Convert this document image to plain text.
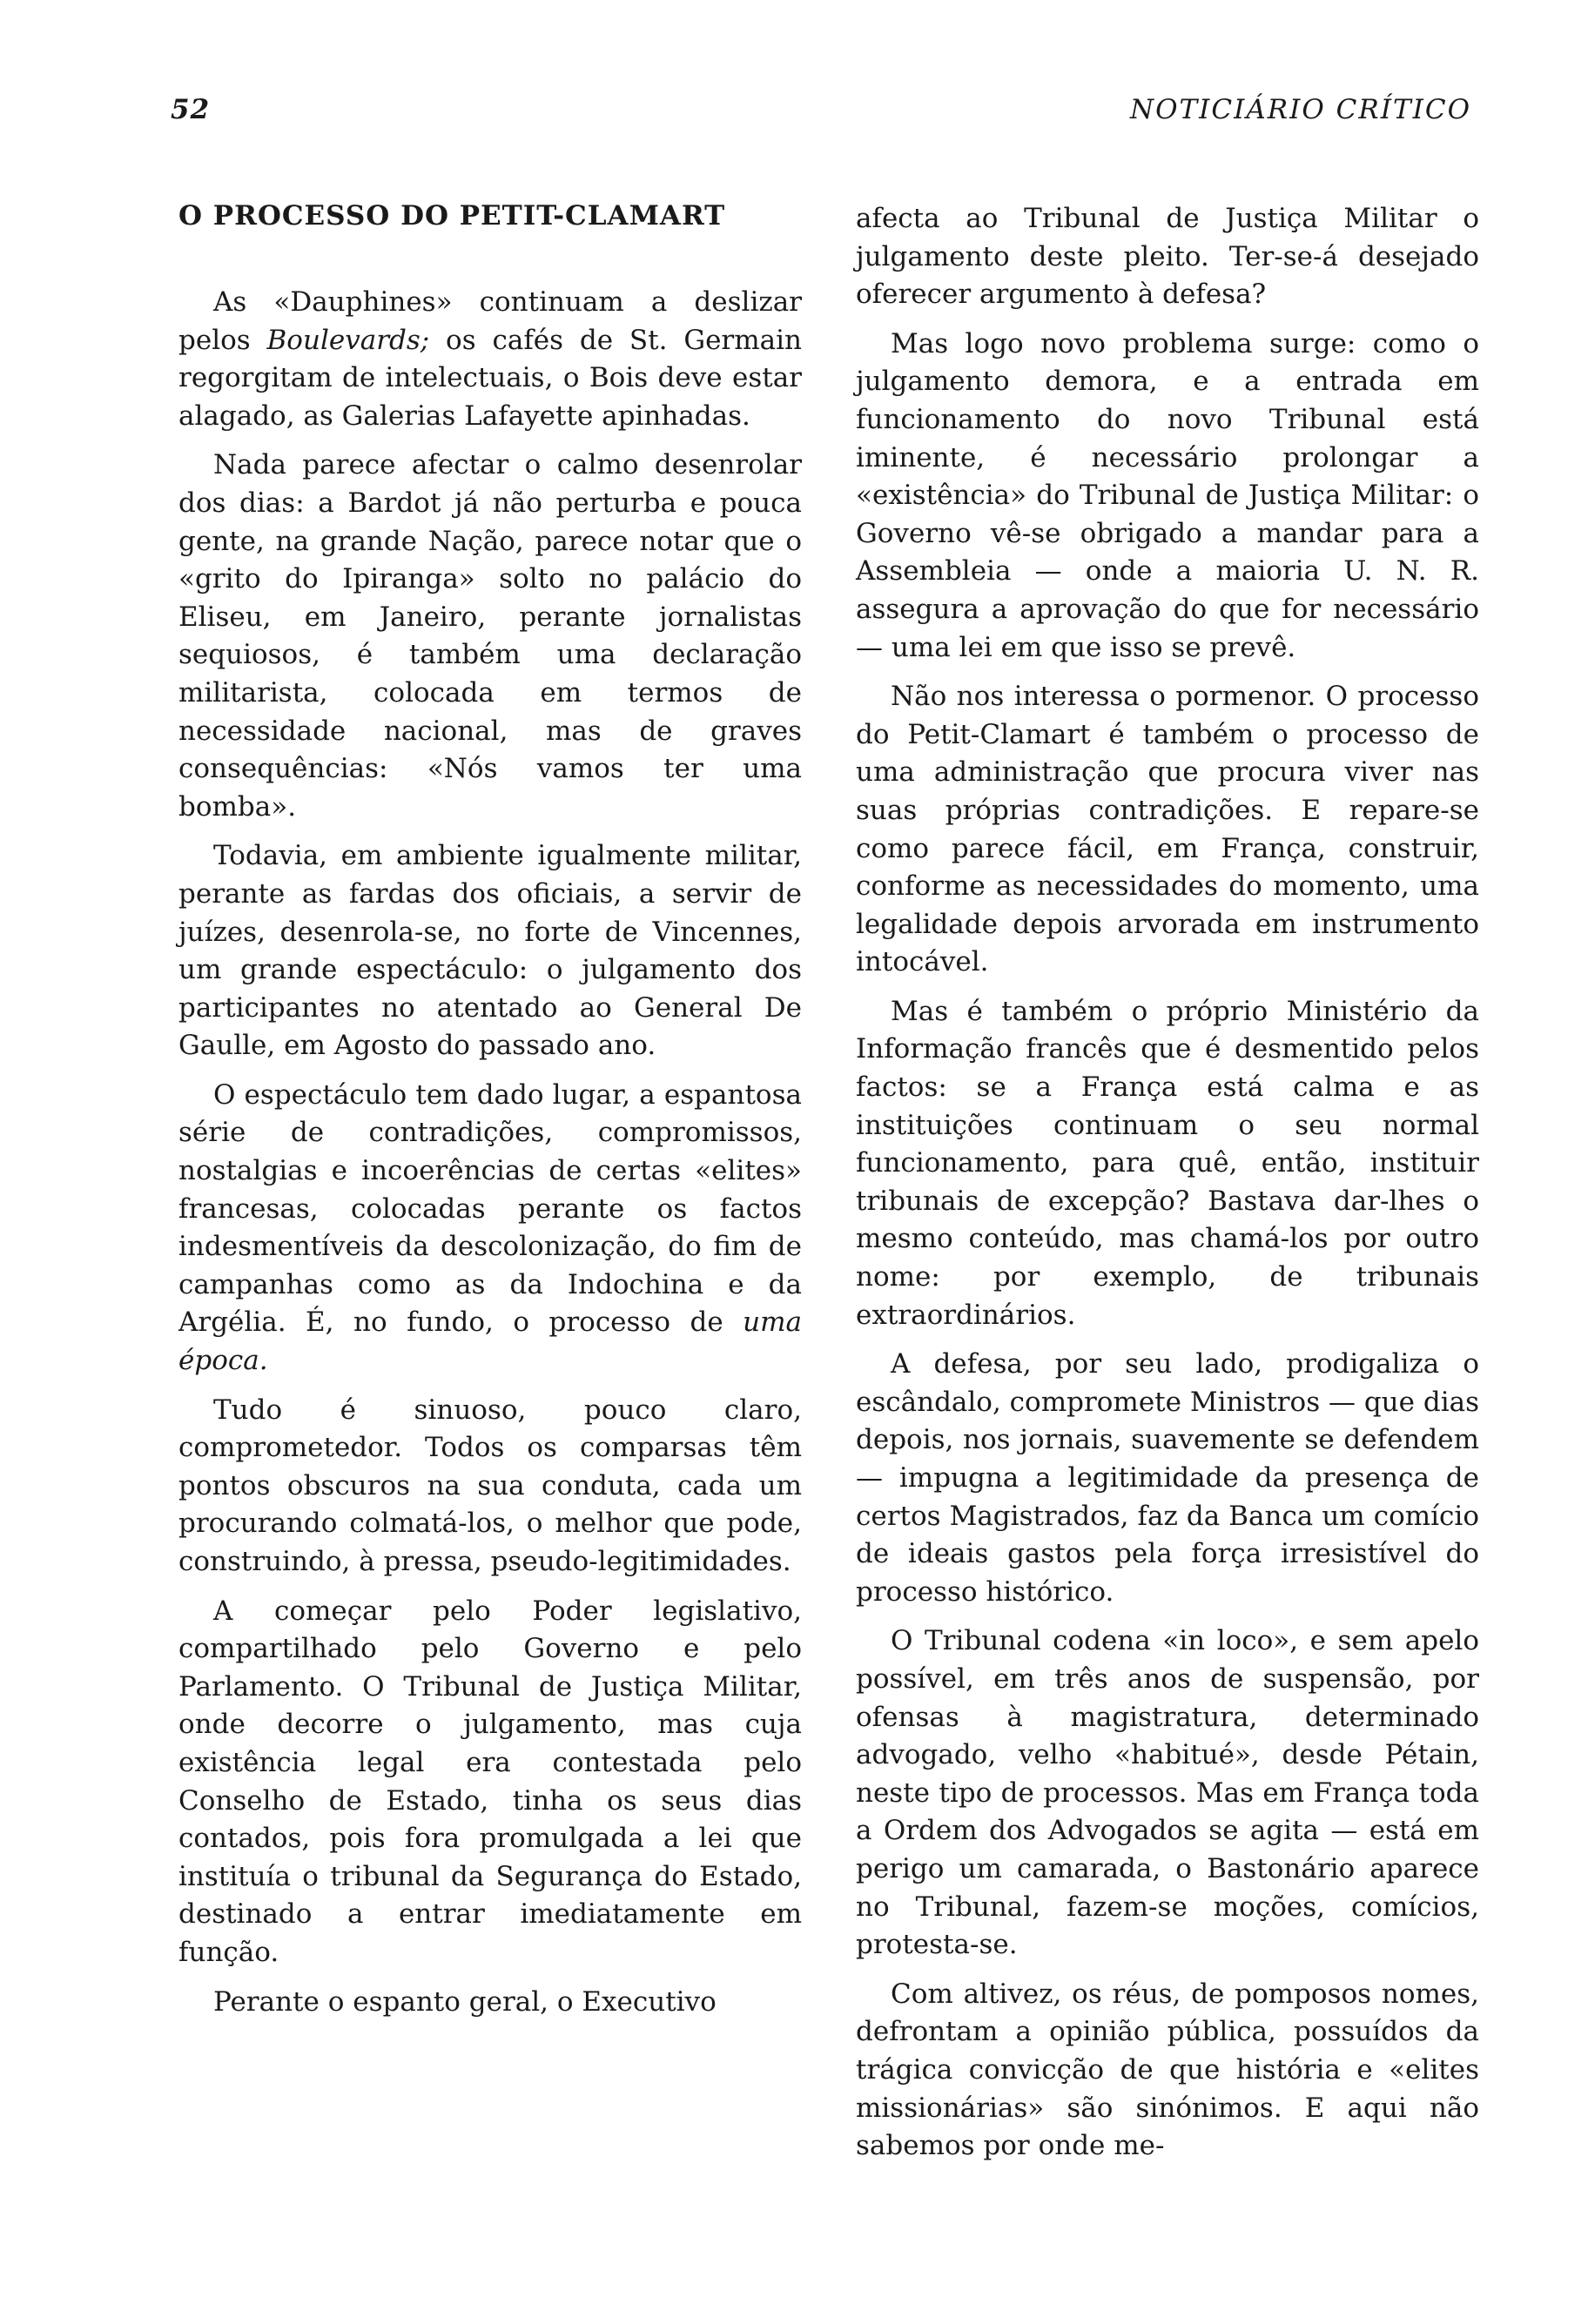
52	NOTICIÁRIO CRÍTICO
O PROCESSO DO PETIT-CLAMART

As «Dauphines» continuam a deslizar pelos Boulevards; os cafés de St. Germain regorgitam de intelectuais, o Bois deve estar alagado, as Galerias Lafayette apinhadas.

Nada parece afectar o calmo desenrolar dos dias: a Bardot já não perturba e pouca gente, na grande Nação, parece notar que o «grito do Ipiranga» solto no palácio do Eliseu, em Janeiro, perante jornalistas sequiosos, é também uma declaração militarista, colocada em termos de necessidade nacional, mas de graves consequências: «Nós vamos ter uma bomba».

Todavia, em ambiente igualmente militar, perante as fardas dos oficiais, a servir de juízes, desenrola-se, no forte de Vincennes, um grande espectáculo: o julgamento dos participantes no atentado ao General De Gaulle, em Agosto do passado ano.

O espectáculo tem dado lugar, a espantosa série de contradições, compromissos, nostalgias e incoerências de certas «elites» francesas, colocadas perante os factos indesmentíveis da descolonização, do fim de campanhas como as da Indochina e da Argélia. É, no fundo, o processo de uma época.

Tudo é sinuoso, pouco claro, comprometedor. Todos os comparsas têm pontos obscuros na sua conduta, cada um procurando colmatá-los, o melhor que pode, construindo, à pressa, pseudo-legitimidades.

A começar pelo Poder legislativo, compartilhado pelo Governo e pelo Parlamento. O Tribunal de Justiça Militar, onde decorre o julgamento, mas cuja existência legal era contestada pelo Conselho de Estado, tinha os seus dias contados, pois fora promulgada a lei que instituía o tribunal da Segurança do Estado, destinado a entrar imediatamente em função.

Perante o espanto geral, o Executivo

afecta ao Tribunal de Justiça Militar o julgamento deste pleito. Ter-se-á desejado oferecer argumento à defesa?

Mas logo novo problema surge: como o julgamento demora, e a entrada em funcionamento do novo Tribunal está iminente, é necessário prolongar a «existência» do Tribunal de Justiça Militar: o Governo vê-se obrigado a mandar para a Assembleia — onde a maioria U. N. R. assegura a aprovação do que for necessário — uma lei em que isso se prevê.

Não nos interessa o pormenor. O processo do Petit-Clamart é também o processo de uma administração que procura viver nas suas próprias contradições. E repare-se como parece fácil, em França, construir, conforme as necessidades do momento, uma legalidade depois arvorada em instrumento intocável.

Mas é também o próprio Ministério da Informação francês que é desmentido pelos factos: se a França está calma e as instituições continuam o seu normal funcionamento, para quê, então, instituir tribunais de excepção? Bastava dar-lhes o mesmo conteúdo, mas chamá-los por outro nome: por exemplo, de tribunais extraordinários.

A defesa, por seu lado, prodigaliza o escândalo, compromete Ministros — que dias depois, nos jornais, suavemente se defendem — impugna a legitimidade da presença de certos Magistrados, faz da Banca um comício de ideais gastos pela força irresistível do processo histórico.

O Tribunal codena «in loco», e sem apelo possível, em três anos de suspensão, por ofensas à magistratura, determinado advogado, velho «habitué», desde Pétain, neste tipo de processos. Mas em França toda a Ordem dos Advogados se agita — está em perigo um camarada, o Bastonário aparece no Tribunal, fazem-se moções, comícios, protesta-se.

Com altivez, os réus, de pomposos nomes, defrontam a opinião pública, possuídos da trágica convicção de que história e «elites missionárias» são sinónimos. E aqui não sabemos por onde me-
